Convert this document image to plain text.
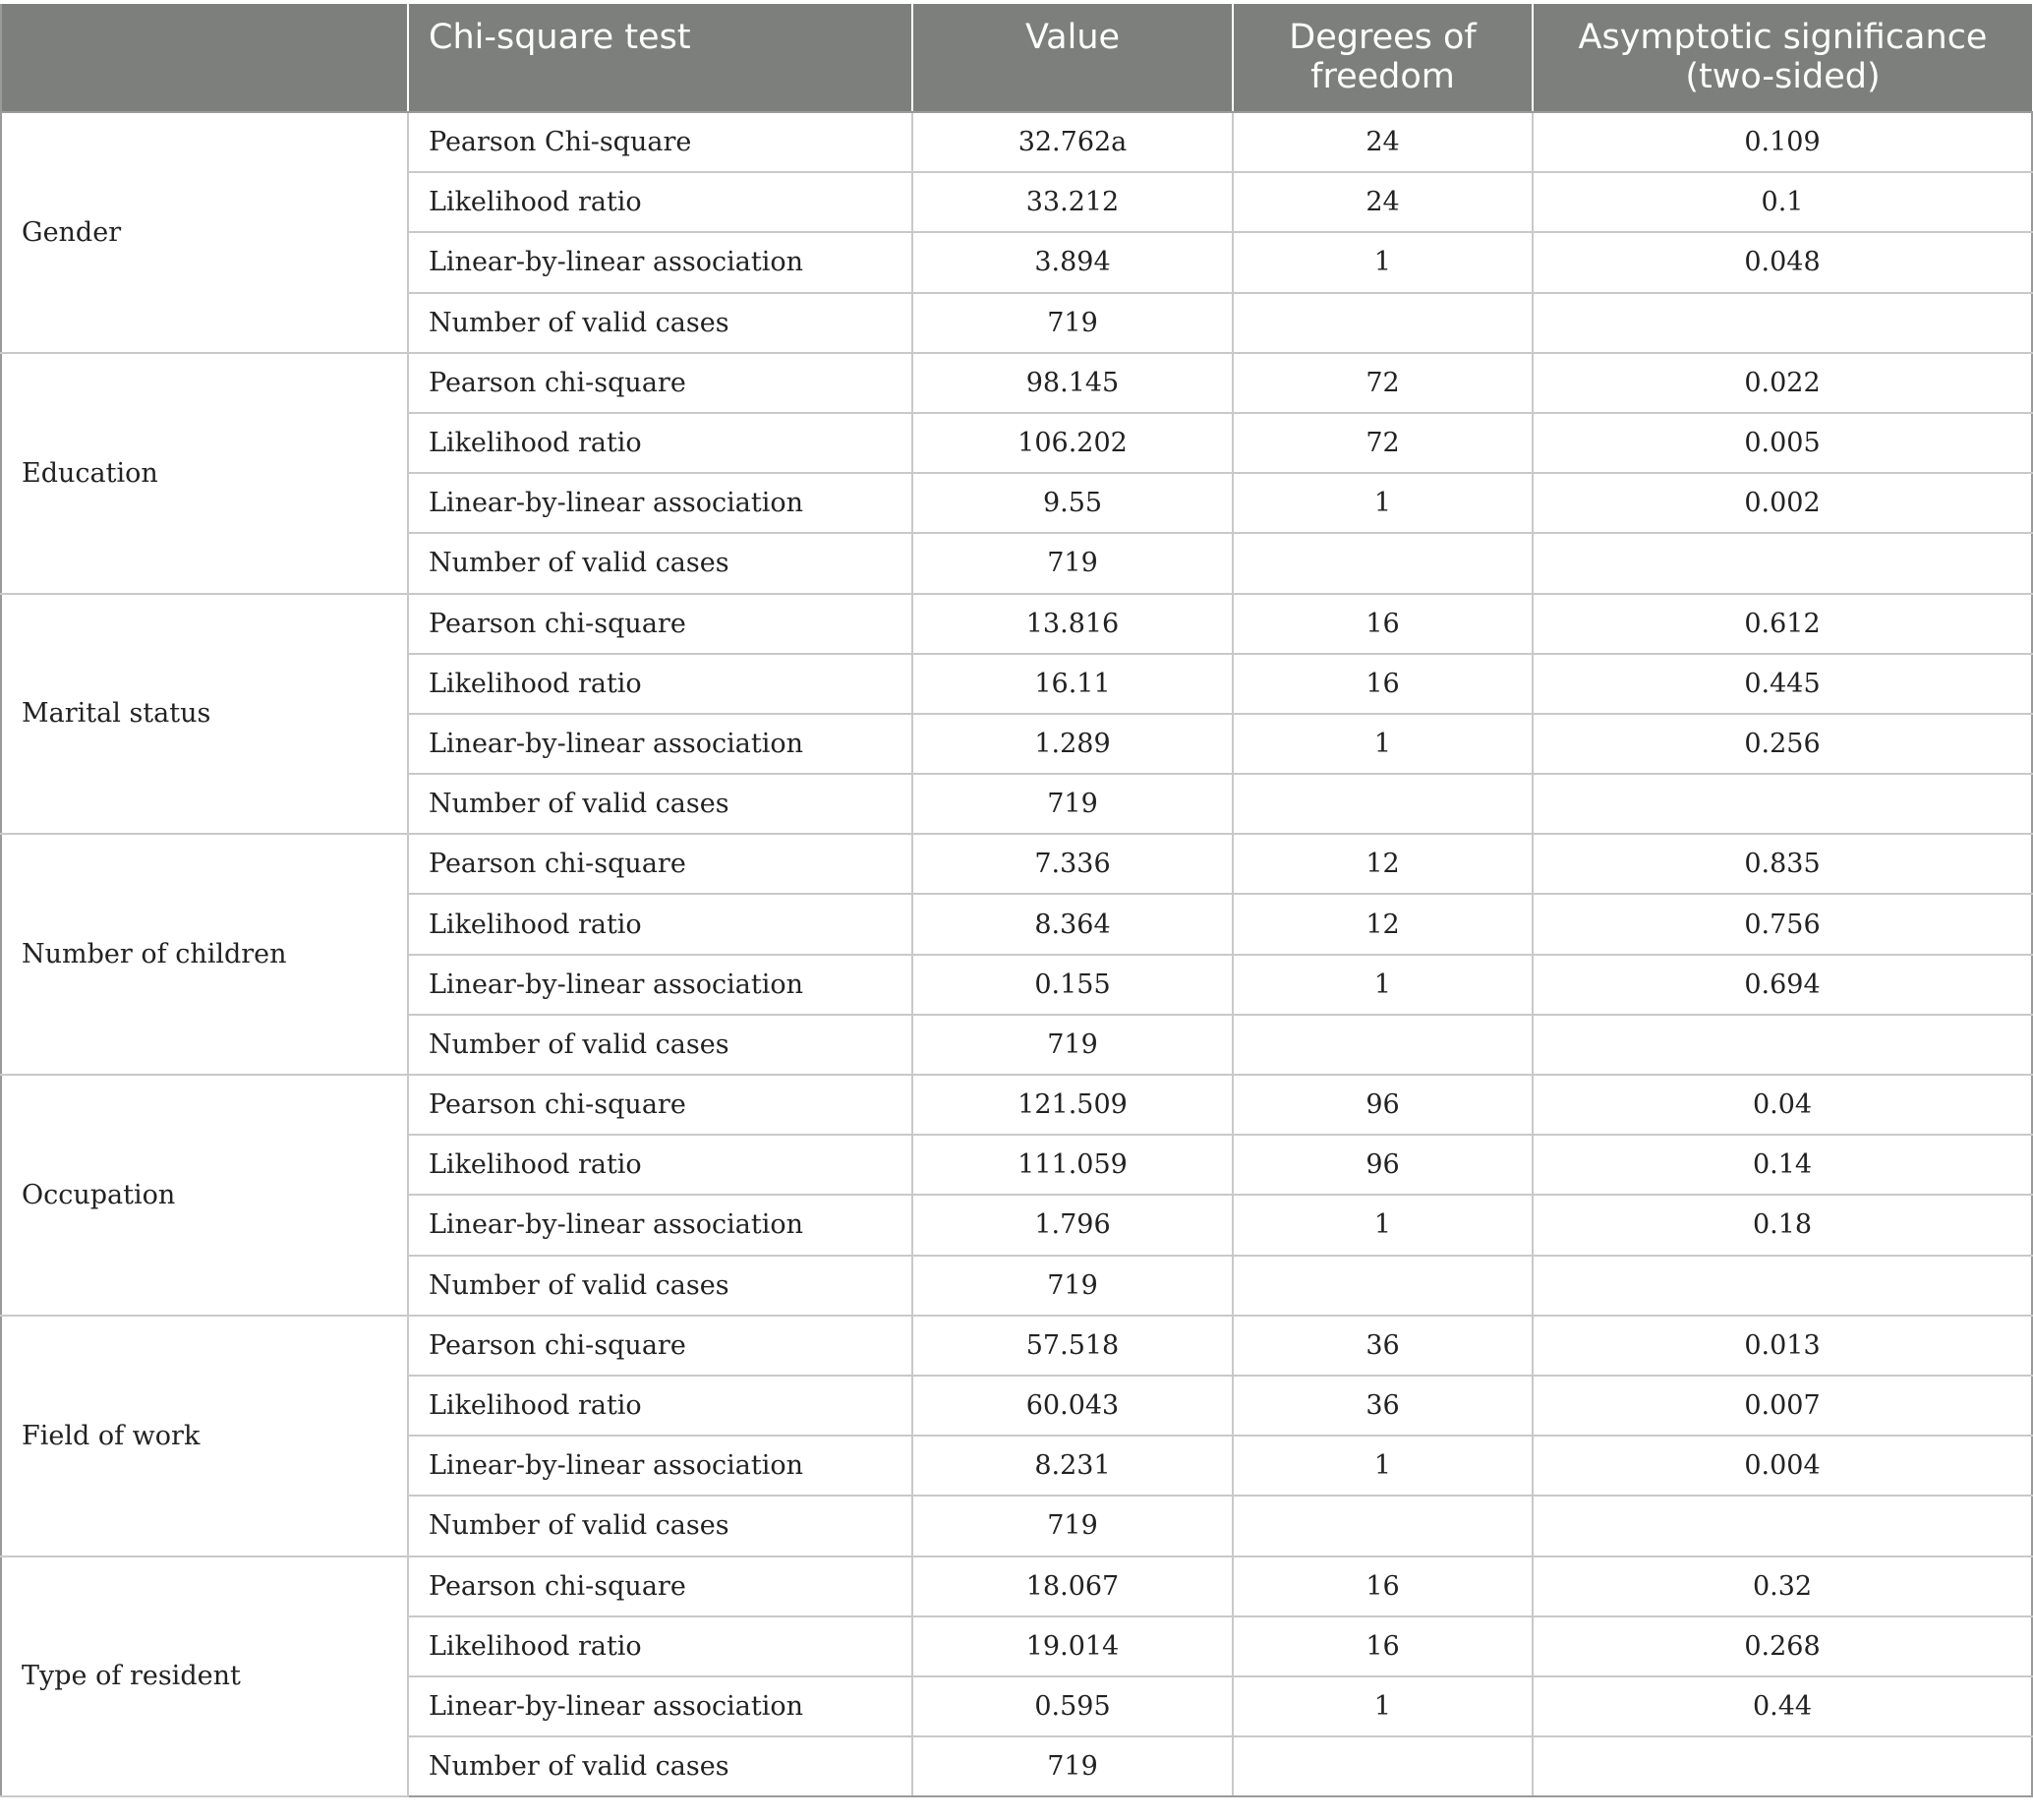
	Chi-square test	Value	Degrees of freedom	Asymptotic significance (two-sided)
Gender	Pearson Chi-square	32.762a	24	0.109
	Likelihood ratio	33.212	24	0.1
	Linear-by-linear association	3.894	1	0.048
	Number of valid cases	719		
Education	Pearson chi-square	98.145	72	0.022
	Likelihood ratio	106.202	72	0.005
	Linear-by-linear association	9.55	1	0.002
	Number of valid cases	719		
Marital status	Pearson chi-square	13.816	16	0.612
	Likelihood ratio	16.11	16	0.445
	Linear-by-linear association	1.289	1	0.256
	Number of valid cases	719		
Number of children	Pearson chi-square	7.336	12	0.835
	Likelihood ratio	8.364	12	0.756
	Linear-by-linear association	0.155	1	0.694
	Number of valid cases	719		
Occupation	Pearson chi-square	121.509	96	0.04
	Likelihood ratio	111.059	96	0.14
	Linear-by-linear association	1.796	1	0.18
	Number of valid cases	719		
Field of work	Pearson chi-square	57.518	36	0.013
	Likelihood ratio	60.043	36	0.007
	Linear-by-linear association	8.231	1	0.004
	Number of valid cases	719		
Type of resident	Pearson chi-square	18.067	16	0.32
	Likelihood ratio	19.014	16	0.268
	Linear-by-linear association	0.595	1	0.44
	Number of valid cases	719		
